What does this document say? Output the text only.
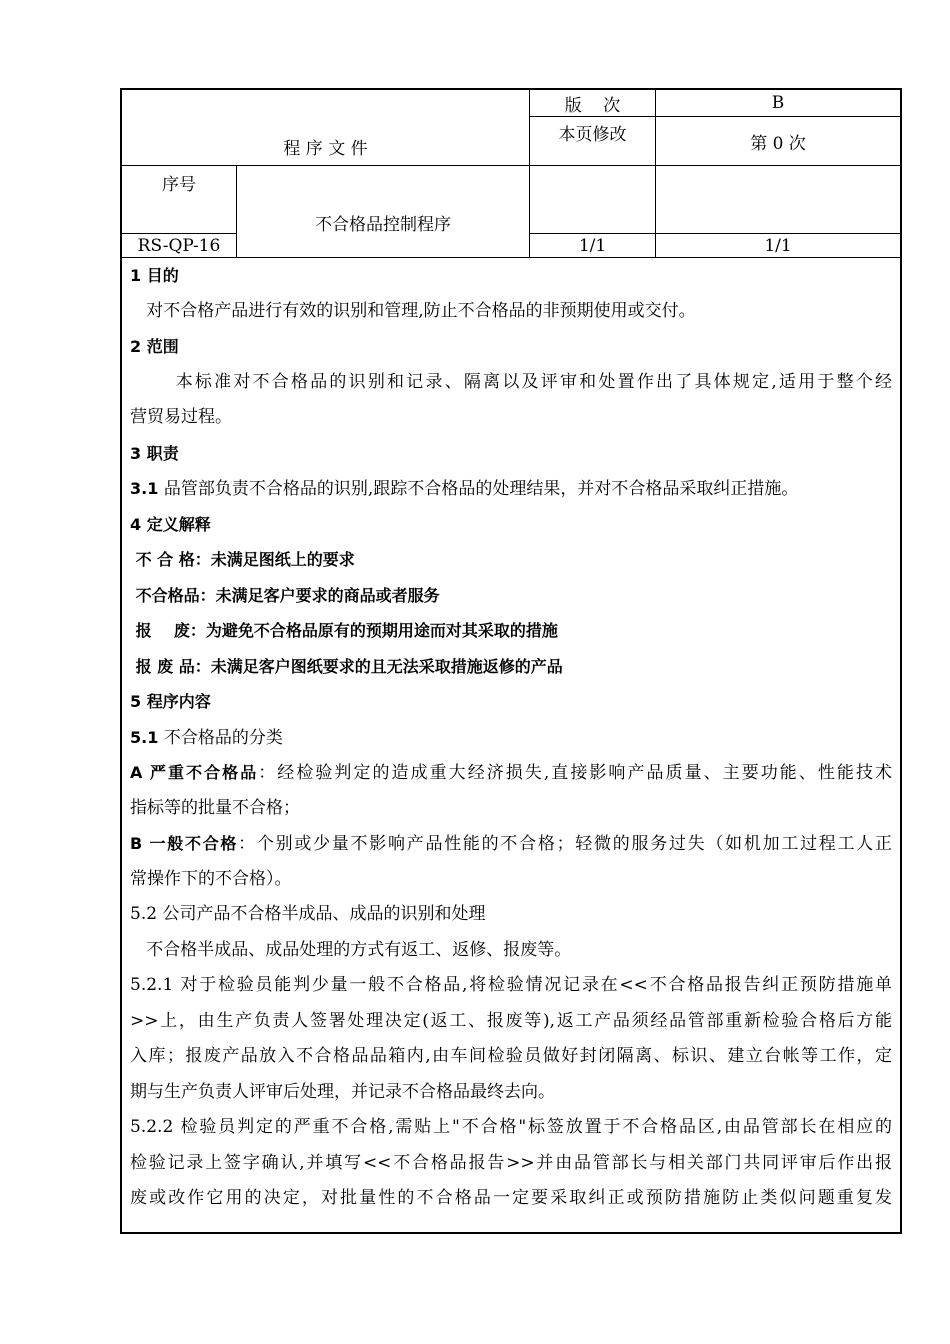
程 序 文 件
版    次	B
本页修改	第 0 次
序号
不合格品控制程序
RS-QP-16	1/1	1/1
1 目的
对不合格产品进行有效的识别和管理,防止不合格品的非预期使用或交付。
2 范围
本标准对不合格品的识别和记录、隔离以及评审和处置作出了具体规定,适用于整个经
营贸易过程。
3 职责
3.1 品管部负责不合格品的识别,跟踪不合格品的处理结果，并对不合格品采取纠正措施。
4 定义解释
不 合 格：未满足图纸上的要求
不合格品：未满足客户要求的商品或者服务
报    废：为避免不合格品原有的预期用途而对其采取的措施
报 废 品：未满足客户图纸要求的且无法采取措施返修的产品
5 程序内容
5.1 不合格品的分类
A 严重不合格品：经检验判定的造成重大经济损失,直接影响产品质量、主要功能、性能技术
指标等的批量不合格；
B 一般不合格：个别或少量不影响产品性能的不合格；轻微的服务过失（如机加工过程工人正
常操作下的不合格）。
5.2 公司产品不合格半成品、成品的识别和处理
不合格半成品、成品处理的方式有返工、返修、报废等。
5.2.1 对于检验员能判少量一般不合格品,将检验情况记录在<<不合格品报告纠正预防措施单
>>上，由生产负责人签署处理决定(返工、报废等),返工产品须经品管部重新检验合格后方能
入库；报废产品放入不合格品品箱内,由车间检验员做好封闭隔离、标识、建立台帐等工作，定
期与生产负责人评审后处理，并记录不合格品最终去向。
5.2.2 检验员判定的严重不合格,需贴上"不合格"标签放置于不合格品区,由品管部长在相应的
检验记录上签字确认,并填写<<不合格品报告>>并由品管部长与相关部门共同评审后作出报
废或改作它用的决定，对批量性的不合格品一定要采取纠正或预防措施防止类似问题重复发
